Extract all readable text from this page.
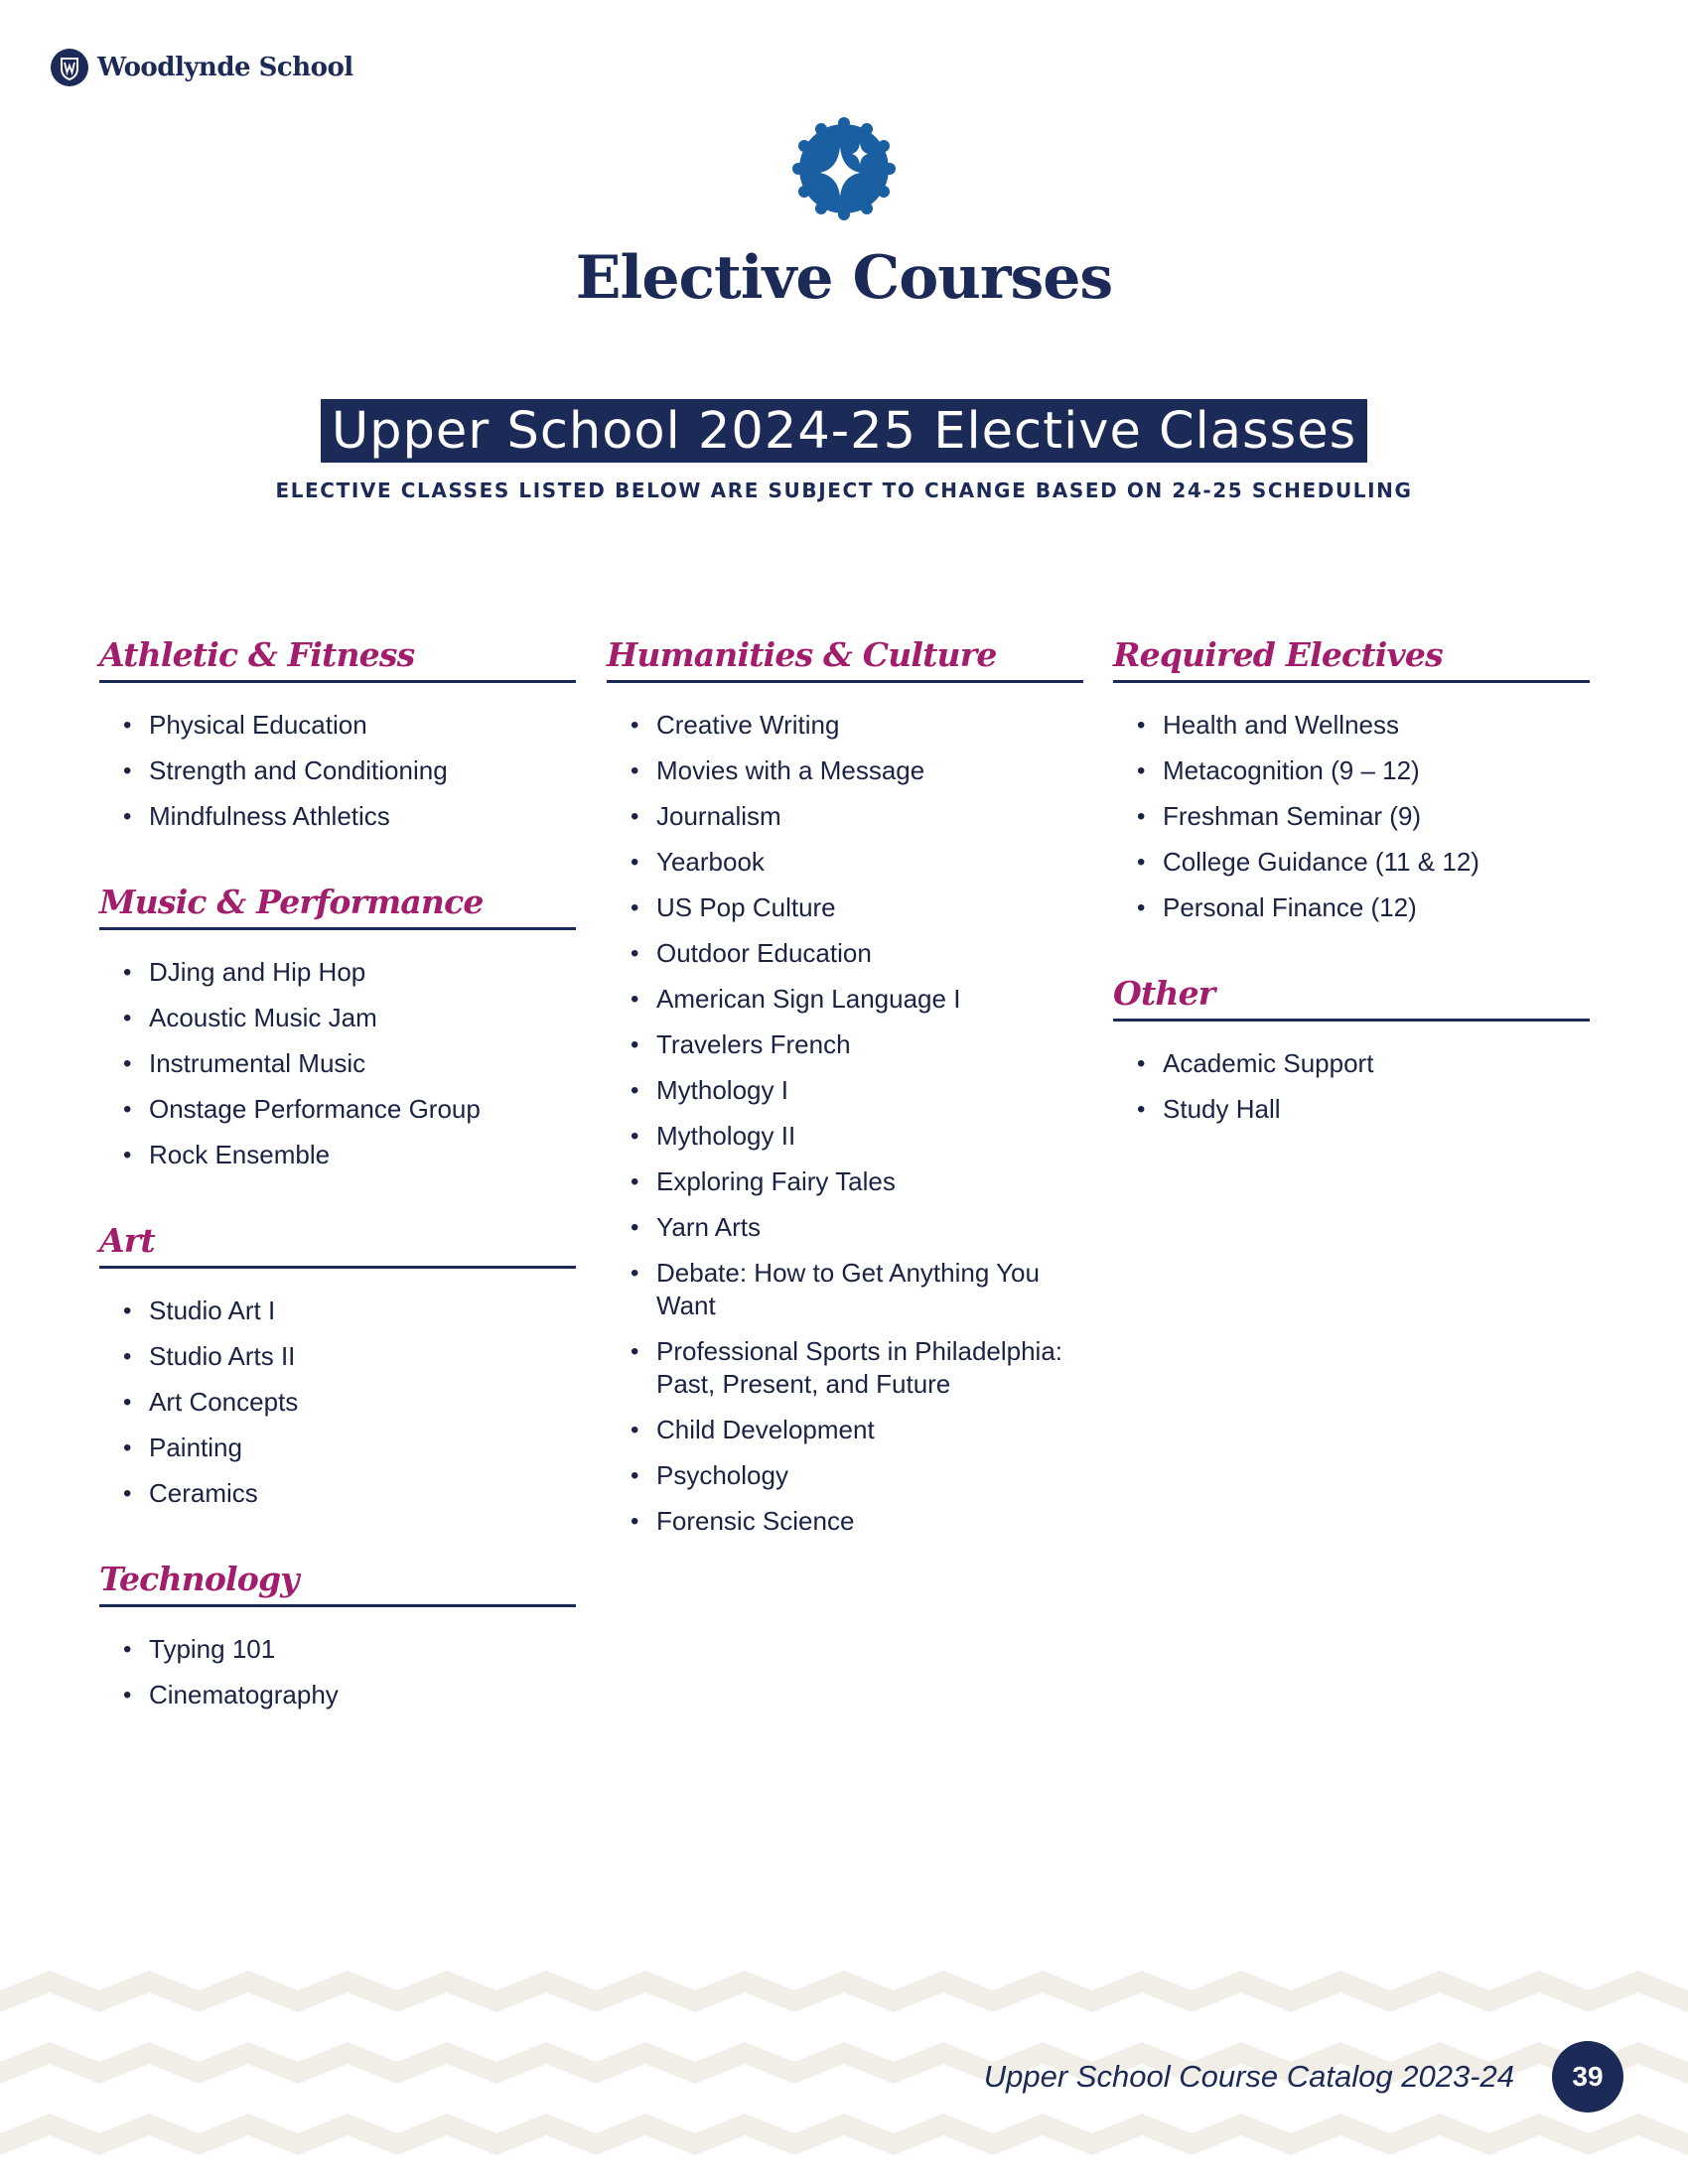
Woodlynde School
Elective Courses
Upper School 2024-25 Elective Classes
ELECTIVE CLASSES LISTED BELOW ARE SUBJECT TO CHANGE BASED ON 24-25 SCHEDULING
Athletic & Fitness
• Physical Education
• Strength and Conditioning
• Mindfulness Athletics
Music & Performance
• DJing and Hip Hop
• Acoustic Music Jam
• Instrumental Music
• Onstage Performance Group
• Rock Ensemble
Art
• Studio Art I
• Studio Arts II
• Art Concepts
• Painting
• Ceramics
Technology
• Typing 101
• Cinematography
Humanities & Culture
• Creative Writing
• Movies with a Message
• Journalism
• Yearbook
• US Pop Culture
• Outdoor Education
• American Sign Language I
• Travelers French
• Mythology I
• Mythology II
• Exploring Fairy Tales
• Yarn Arts
• Debate: How to Get Anything You Want
• Professional Sports in Philadelphia: Past, Present, and Future
• Child Development
• Psychology
• Forensic Science
Required Electives
• Health and Wellness
• Metacognition (9 – 12)
• Freshman Seminar (9)
• College Guidance (11 & 12)
• Personal Finance (12)
Other
• Academic Support
• Study Hall
Upper School Course Catalog 2023-24	39
